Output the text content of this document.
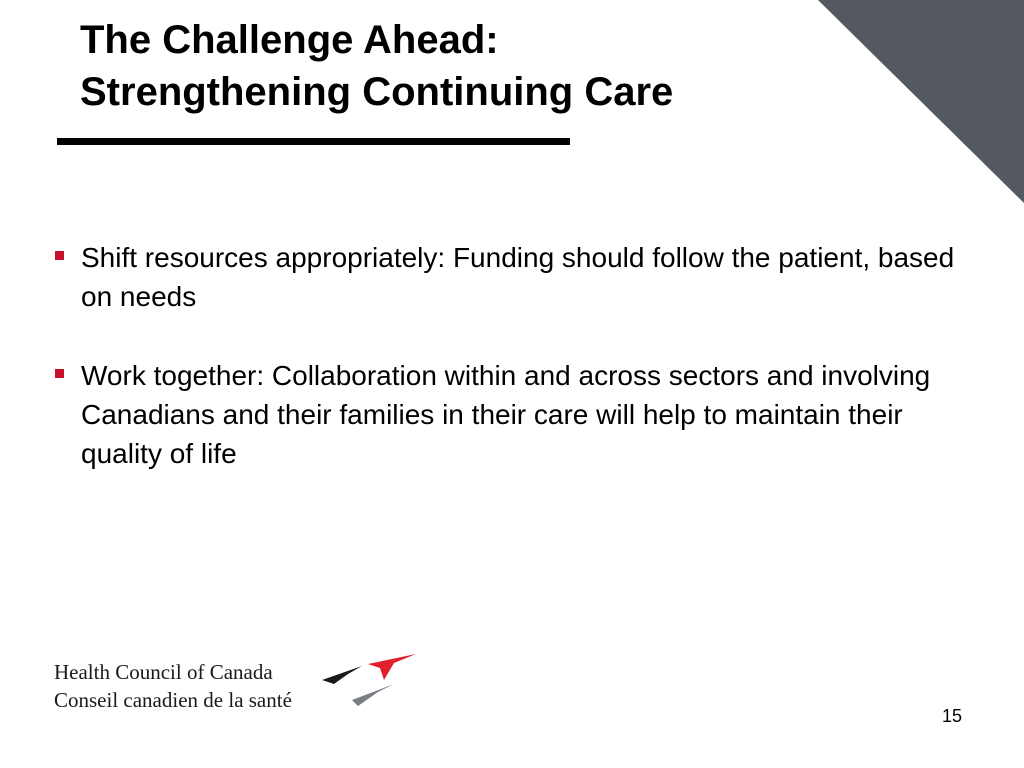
The Challenge Ahead:
Strengthening Continuing Care
Shift resources appropriately: Funding should follow the patient, based on needs
Work together: Collaboration within and across sectors and involving Canadians and their families in their care will help to maintain their quality of life
Health Council of Canada
Conseil canadien de la santé
15
